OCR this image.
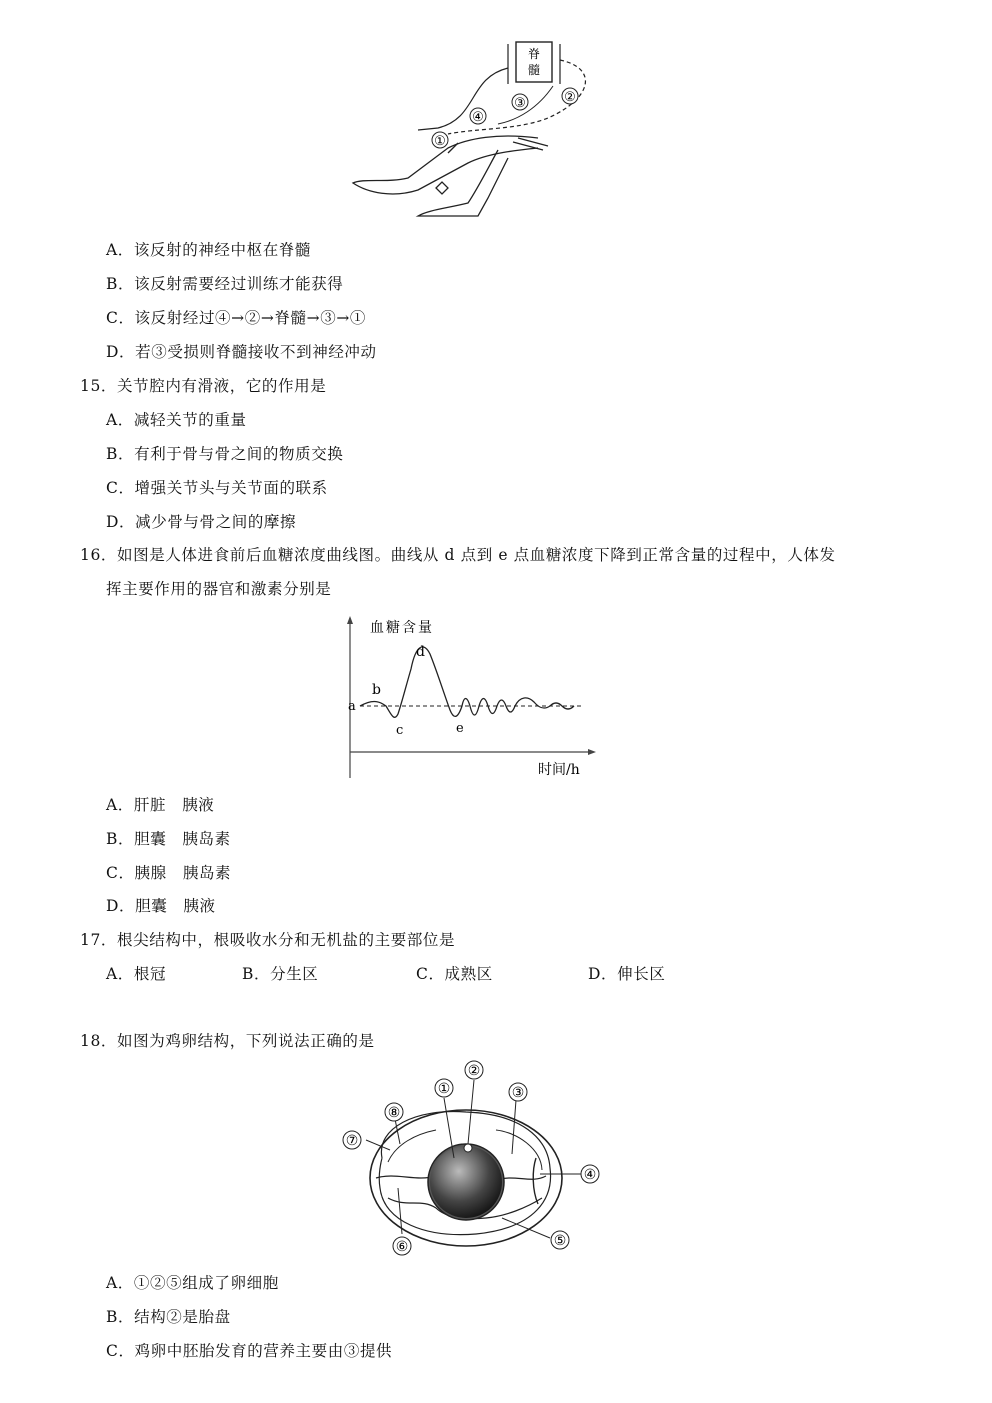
脊
髓
③	②
④
①
A．该反射的神经中枢在脊髓
B．该反射需要经过训练才能获得
C．该反射经过④→②→脊髓→③→①
D．若③受损则脊髓接收不到神经冲动
15．关节腔内有滑液，它的作用是
A．减轻关节的重量
B．有利于骨与骨之间的物质交换
C．增强关节头与关节面的联系
D．减少骨与骨之间的摩擦
16．如图是人体进食前后血糖浓度曲线图。曲线从 d 点到 e 点血糖浓度下降到正常含量的过程中，人体发
挥主要作用的器官和激素分别是
血糖含量
时间/h
a
b
c
d
e
A．肝脏　胰液
B．胆囊　胰岛素
C．胰腺　胰岛素
D．胆囊　胰液
17．根尖结构中，根吸收水分和无机盐的主要部位是
A．根冠	B．分生区	C．成熟区	D．伸长区
18．如图为鸡卵结构，下列说法正确的是
①
②
③
④
⑤
⑥
⑦
⑧
A．①②⑤组成了卵细胞
B．结构②是胎盘
C．鸡卵中胚胎发育的营养主要由③提供
